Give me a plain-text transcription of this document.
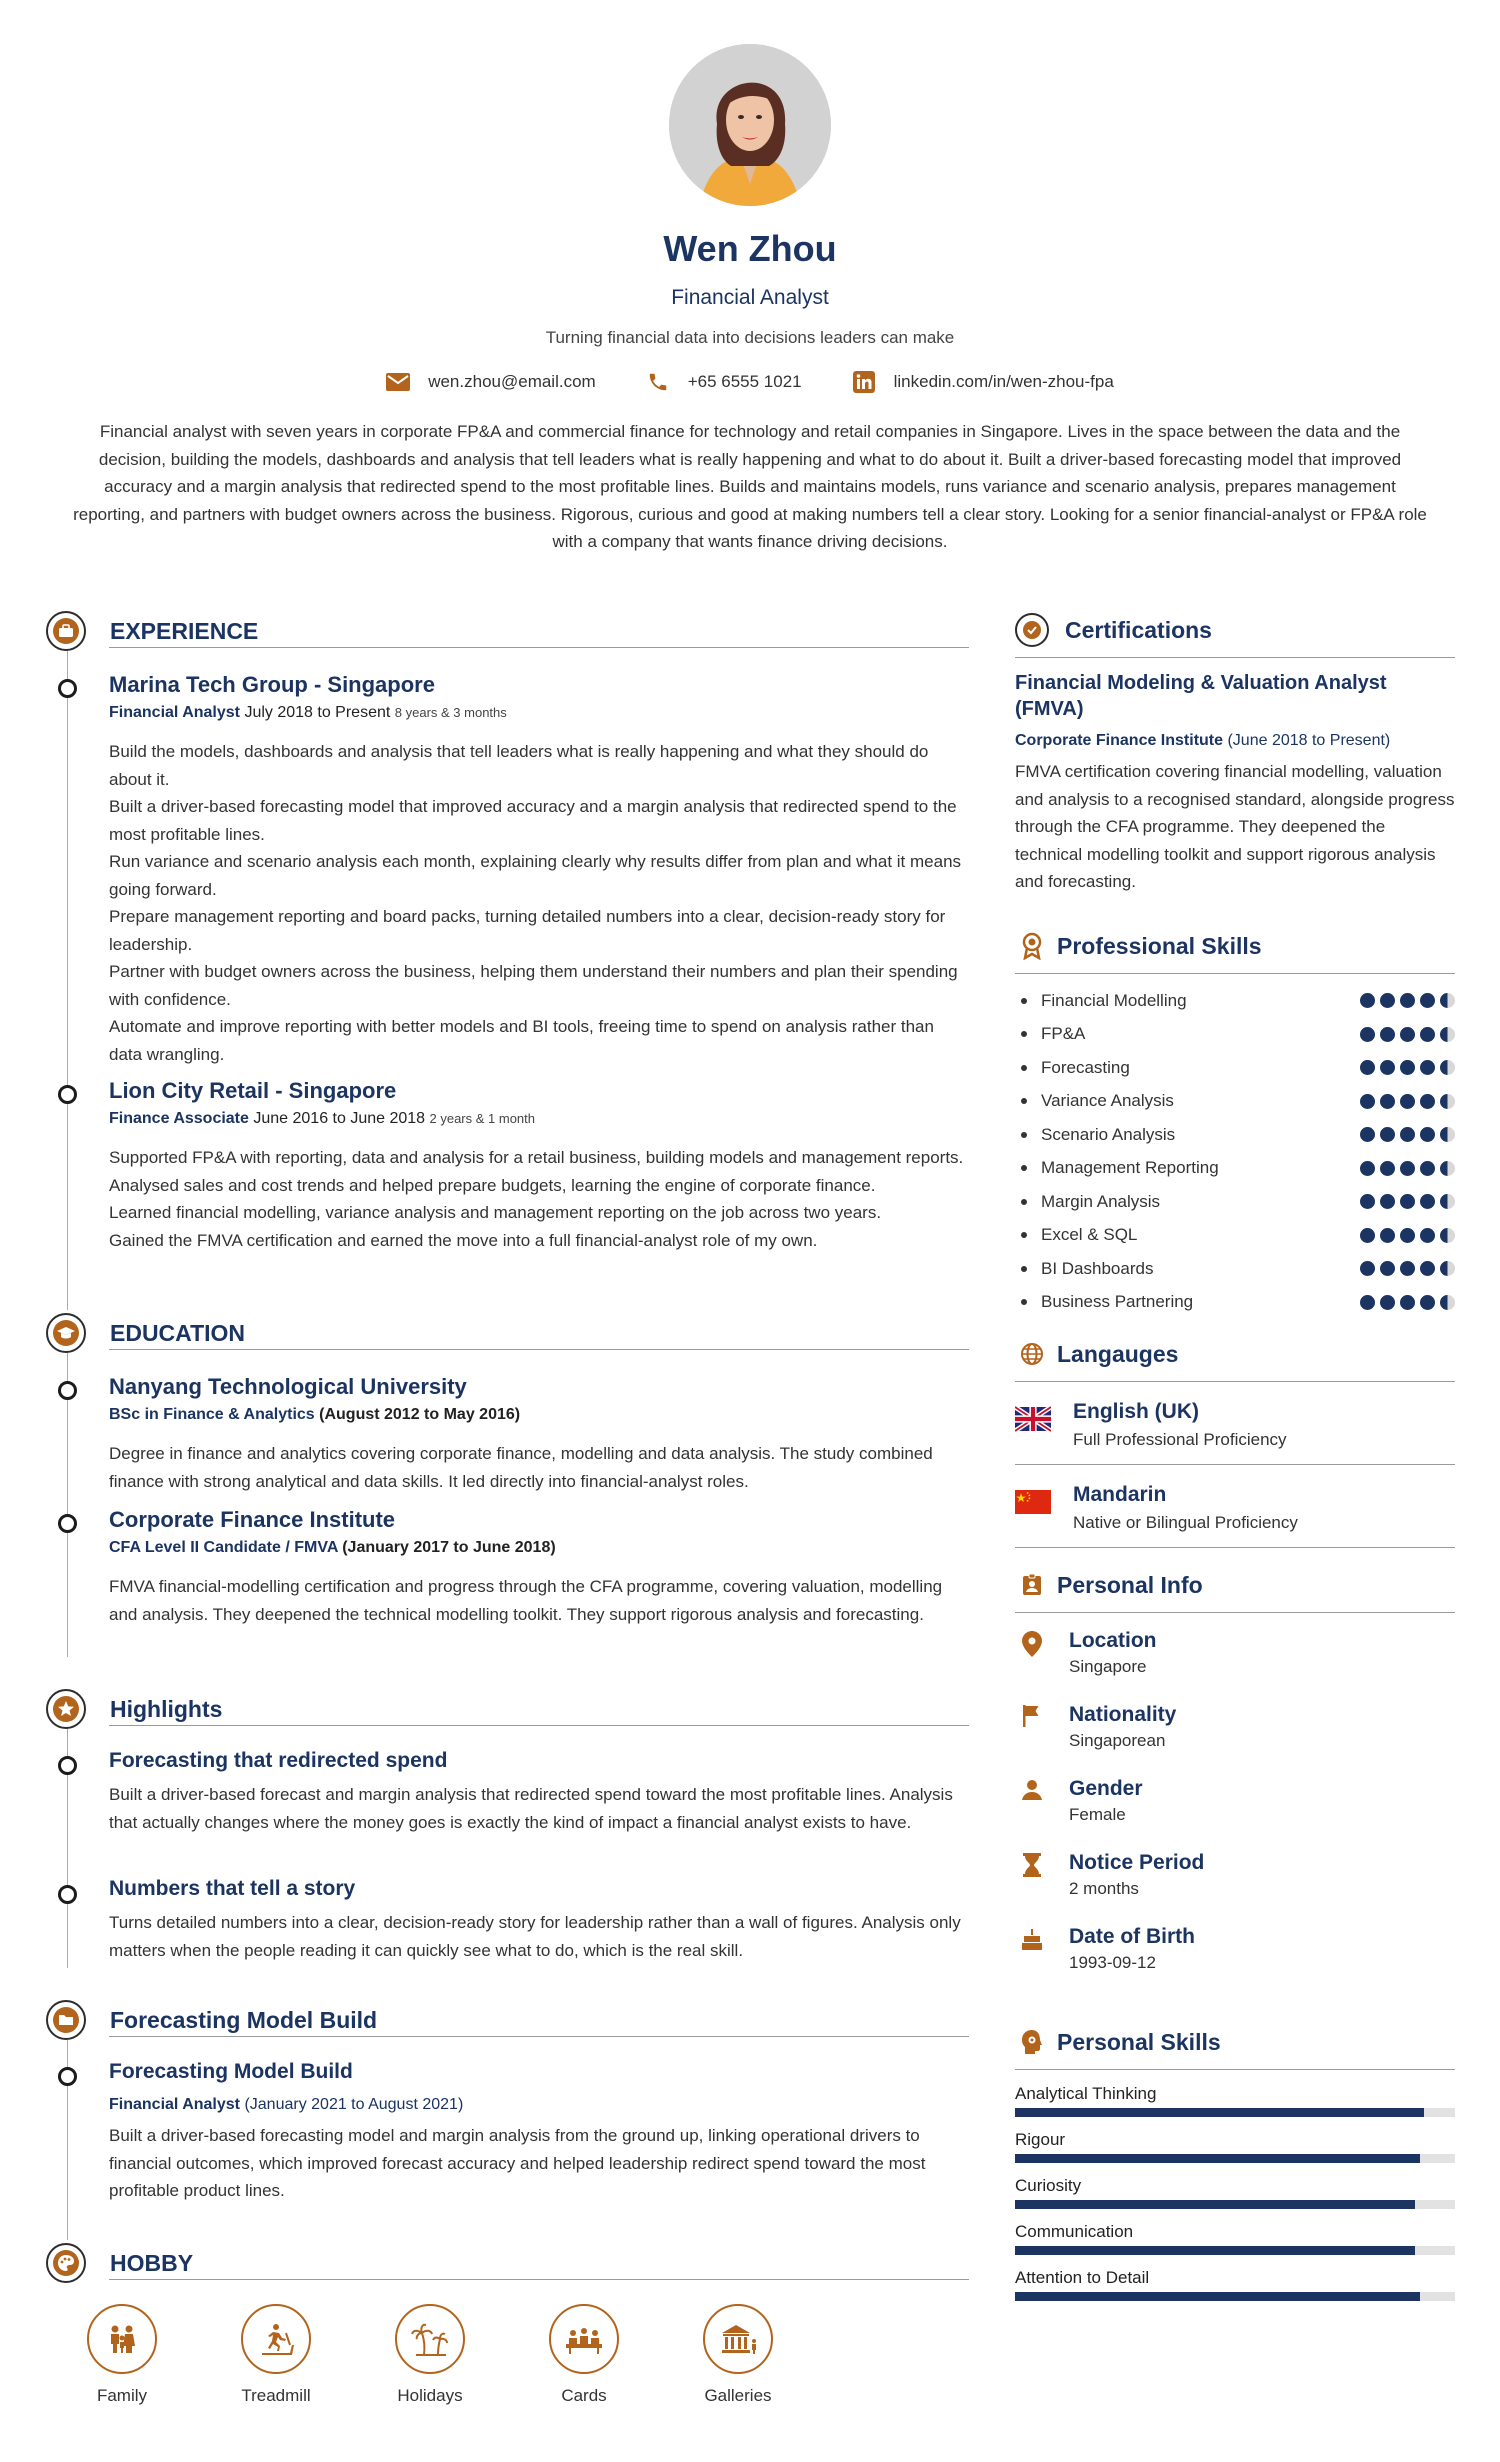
Wen Zhou
Financial Analyst
Turning financial data into decisions leaders can make
wen.zhou@email.com	+65 6555 1021	linkedin.com/in/wen-zhou-fpa
Financial analyst with seven years in corporate FP&A and commercial finance for technology and retail companies in Singapore. Lives in the space between the data and the decision, building the models, dashboards and analysis that tell leaders what is really happening and what to do about it. Built a driver-based forecasting model that improved accuracy and a margin analysis that redirected spend to the most profitable lines. Builds and maintains models, runs variance and scenario analysis, prepares management reporting, and partners with budget owners across the business. Rigorous, curious and good at making numbers tell a clear story. Looking for a senior financial-analyst or FP&A role with a company that wants finance driving decisions.
EXPERIENCE
Marina Tech Group - Singapore
Financial Analyst July 2018 to Present 8 years & 3 months
Build the models, dashboards and analysis that tell leaders what is really happening and what they should do about it.
Built a driver-based forecasting model that improved accuracy and a margin analysis that redirected spend to the most profitable lines.
Run variance and scenario analysis each month, explaining clearly why results differ from plan and what it means going forward.
Prepare management reporting and board packs, turning detailed numbers into a clear, decision-ready story for leadership.
Partner with budget owners across the business, helping them understand their numbers and plan their spending with confidence.
Automate and improve reporting with better models and BI tools, freeing time to spend on analysis rather than data wrangling.
Lion City Retail - Singapore
Finance Associate June 2016 to June 2018 2 years & 1 month
Supported FP&A with reporting, data and analysis for a retail business, building models and management reports.
Analysed sales and cost trends and helped prepare budgets, learning the engine of corporate finance.
Learned financial modelling, variance analysis and management reporting on the job across two years.
Gained the FMVA certification and earned the move into a full financial-analyst role of my own.
EDUCATION
Nanyang Technological University
BSc in Finance & Analytics (August 2012 to May 2016)

Degree in finance and analytics covering corporate finance, modelling and data analysis. The study combined finance with strong analytical and data skills. It led directly into financial-analyst roles.

Corporate Finance Institute
CFA Level II Candidate / FMVA (January 2017 to June 2018)

FMVA financial-modelling certification and progress through the CFA programme, covering valuation, modelling and analysis. They deepened the technical modelling toolkit. They support rigorous analysis and forecasting.

Highlights
Forecasting that redirected spend

Built a driver-based forecast and margin analysis that redirected spend toward the most profitable lines. Analysis that actually changes where the money goes is exactly the kind of impact a financial analyst exists to have.

Numbers that tell a story

Turns detailed numbers into a clear, decision-ready story for leadership rather than a wall of figures. Analysis only matters when the people reading it can quickly see what to do, which is the real skill.

Forecasting Model Build
Forecasting Model Build
Financial Analyst (January 2021 to August 2021)

Built a driver-based forecasting model and margin analysis from the ground up, linking operational drivers to financial outcomes, which improved forecast accuracy and helped leadership redirect spend toward the most profitable product lines.

HOBBY
Family	Treadmill	Holidays	Cards	Galleries
Certifications
Financial Modeling & Valuation Analyst (FMVA)
Corporate Finance Institute (June 2018 to Present)
FMVA certification covering financial modelling, valuation and analysis to a recognised standard, alongside progress through the CFA programme. They deepened the technical modelling toolkit and support rigorous analysis and forecasting.
Professional Skills
Financial Modelling
FP&A
Forecasting
Variance Analysis
Scenario Analysis
Management Reporting
Margin Analysis
Excel & SQL
BI Dashboards
Business Partnering
Langauges
English (UK)
Full Professional Proficiency
Mandarin
Native or Bilingual Proficiency
Personal Info
Location
Singapore
Nationality
Singaporean
Gender
Female
Notice Period
2 months
Date of Birth
1993-09-12
Personal Skills
Analytical Thinking
Rigour
Curiosity
Communication
Attention to Detail
